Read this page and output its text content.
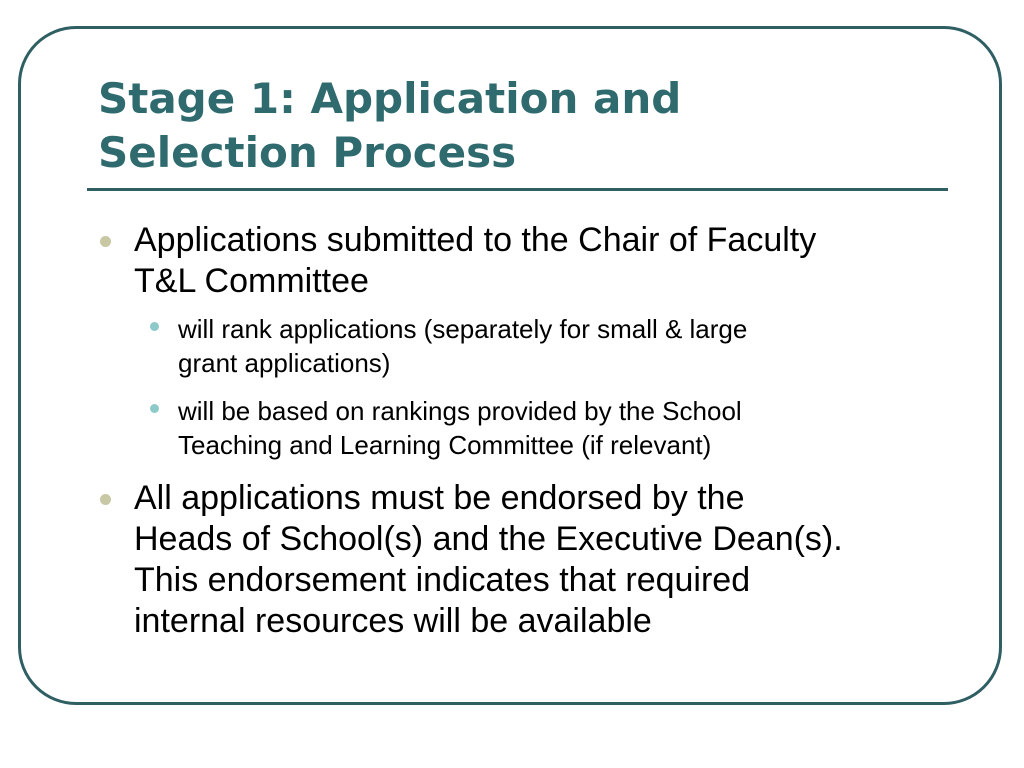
Stage 1: Application and
Selection Process
Applications submitted to the Chair of Faculty
T&L Committee
will rank applications (separately for small & large
grant applications)
will be based on rankings provided by the School
Teaching and Learning Committee (if relevant)
All applications must be endorsed by the
Heads of School(s) and the Executive Dean(s).
This endorsement indicates that required
internal resources will be available
